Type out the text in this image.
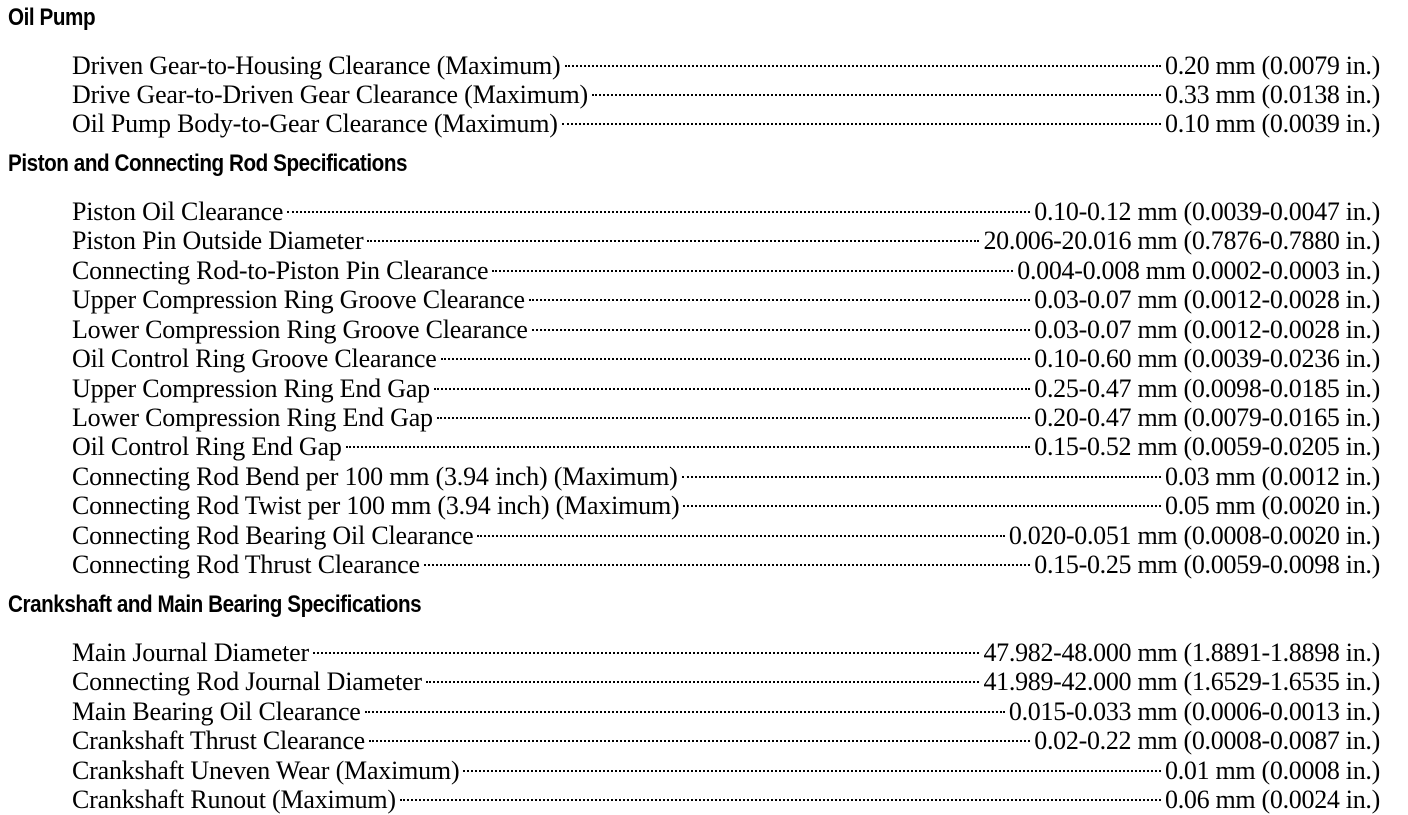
Oil Pump
Driven Gear-to-Housing Clearance (Maximum)	0.20 mm (0.0079 in.)
Drive Gear-to-Driven Gear Clearance (Maximum)	0.33 mm (0.0138 in.)
Oil Pump Body-to-Gear Clearance (Maximum)	0.10 mm (0.0039 in.)
Piston and Connecting Rod Specifications
Piston Oil Clearance	0.10-0.12 mm (0.0039-0.0047 in.)
Piston Pin Outside Diameter	20.006-20.016 mm (0.7876-0.7880 in.)
Connecting Rod-to-Piston Pin Clearance	0.004-0.008 mm 0.0002-0.0003 in.)
Upper Compression Ring Groove Clearance	0.03-0.07 mm (0.0012-0.0028 in.)
Lower Compression Ring Groove Clearance	0.03-0.07 mm (0.0012-0.0028 in.)
Oil Control Ring Groove Clearance	0.10-0.60 mm (0.0039-0.0236 in.)
Upper Compression Ring End Gap	0.25-0.47 mm (0.0098-0.0185 in.)
Lower Compression Ring End Gap	0.20-0.47 mm (0.0079-0.0165 in.)
Oil Control Ring End Gap	0.15-0.52 mm (0.0059-0.0205 in.)
Connecting Rod Bend per 100 mm (3.94 inch) (Maximum)	0.03 mm (0.0012 in.)
Connecting Rod Twist per 100 mm (3.94 inch) (Maximum)	0.05 mm (0.0020 in.)
Connecting Rod Bearing Oil Clearance	0.020-0.051 mm (0.0008-0.0020 in.)
Connecting Rod Thrust Clearance	0.15-0.25 mm (0.0059-0.0098 in.)
Crankshaft and Main Bearing Specifications
Main Journal Diameter	47.982-48.000 mm (1.8891-1.8898 in.)
Connecting Rod Journal Diameter	41.989-42.000 mm (1.6529-1.6535 in.)
Main Bearing Oil Clearance	0.015-0.033 mm (0.0006-0.0013 in.)
Crankshaft Thrust Clearance	0.02-0.22 mm (0.0008-0.0087 in.)
Crankshaft Uneven Wear (Maximum)	0.01 mm (0.0008 in.)
Crankshaft Runout (Maximum)	0.06 mm (0.0024 in.)
